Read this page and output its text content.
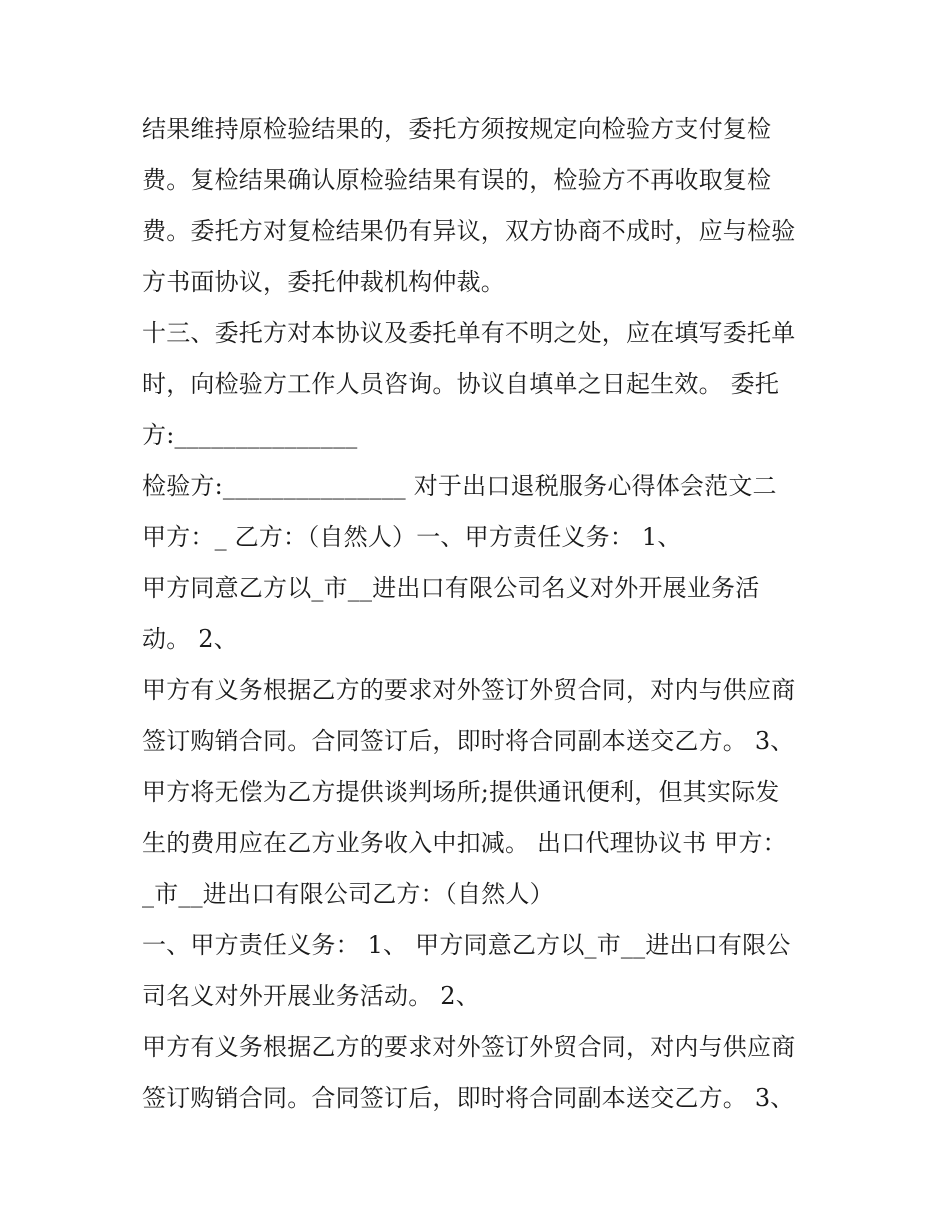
结果维持原检验结果的，委托方须按规定向检验方支付复检
费。复检结果确认原检验结果有误的，检验方不再收取复检
费。委托方对复检结果仍有异议，双方协商不成时，应与检验
方书面协议，委托仲裁机构仲裁。
十三、委托方对本协议及委托单有不明之处，应在填写委托单
时，向检验方工作人员咨询。协议自填单之日起生效。 委托
方:_______________
检验方:_______________ 对于出口退税服务心得体会范文二
甲方：_ 乙方：（自然人）一、甲方责任义务： 1、
甲方同意乙方以_市__进出口有限公司名义对外开展业务活
动。 2、
甲方有义务根据乙方的要求对外签订外贸合同，对内与供应商
签订购销合同。合同签订后，即时将合同副本送交乙方。 3、
甲方将无偿为乙方提供谈判场所;提供通讯便利，但其实际发
生的费用应在乙方业务收入中扣减。 出口代理协议书 甲方：
_市__进出口有限公司乙方：（自然人）
一、甲方责任义务： 1、 甲方同意乙方以_市__进出口有限公
司名义对外开展业务活动。 2、
甲方有义务根据乙方的要求对外签订外贸合同，对内与供应商
签订购销合同。合同签订后，即时将合同副本送交乙方。 3、
